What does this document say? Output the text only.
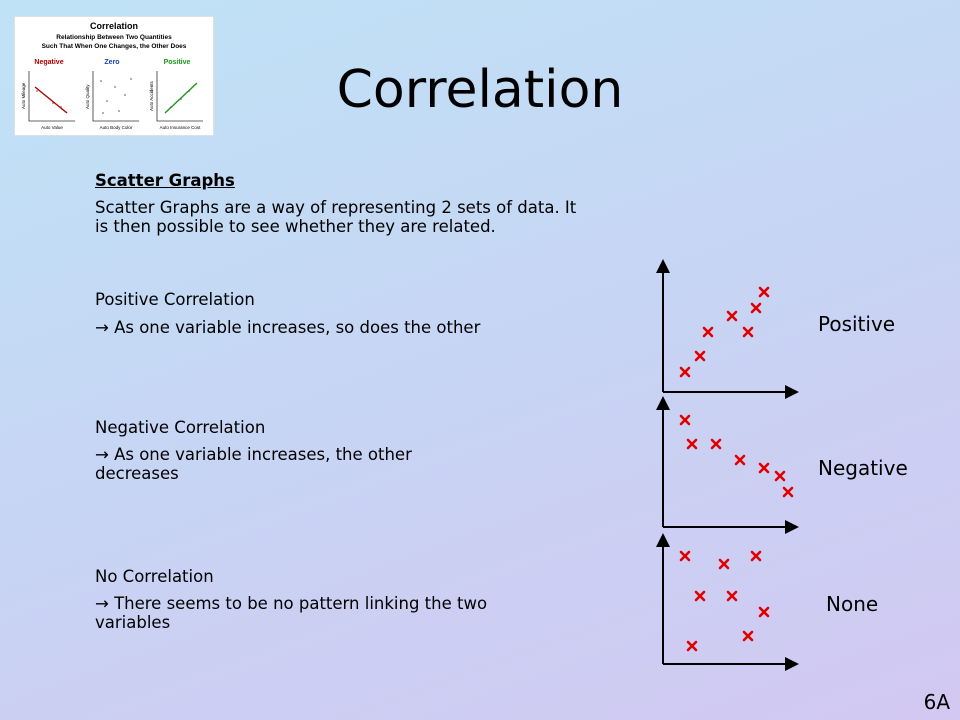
Correlation
Relationship Between Two Quantities
Such That When One Changes, the Other Does
Negative	Zero	Positive
Auto Mileage	Auto Quality	Auto Accidents
Auto Value	Auto Body Color	Auto Insurance Cost
Correlation
Scatter Graphs
Scatter Graphs are a way of representing 2 sets of data. It is then possible to see whether they are related.
Positive Correlation
→ As one variable increases, so does the other
Negative Correlation
→ As one variable increases, the other decreases
No Correlation
→ There seems to be no pattern linking the two variables
Positive
Negative
None
6A
